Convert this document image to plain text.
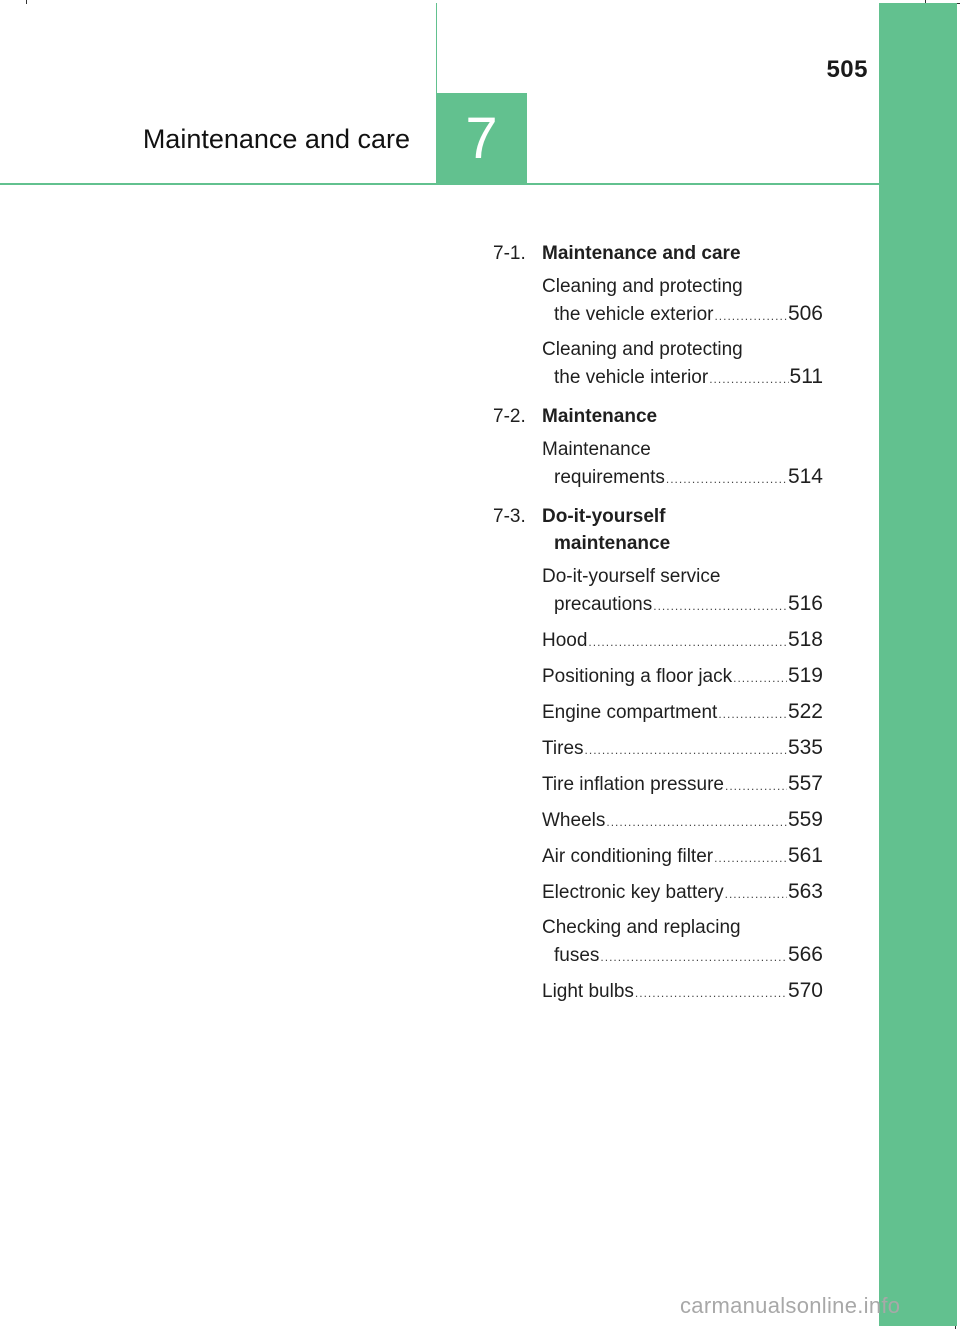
7
505
Maintenance and care
7-1. Maintenance and care
Cleaning and protecting
the vehicle exterior .....	506
Cleaning and protecting
the vehicle interior .....	511
7-2. Maintenance
Maintenance
requirements .....	514
7-3. Do-it-yourself
maintenance
Do-it-yourself service
precautions .....	516
Hood .....	518
Positioning a floor jack .....	519
Engine compartment .....	522
Tires .....	535
Tire inflation pressure .....	557
Wheels .....	559
Air conditioning filter .....	561
Electronic key battery .....	563
Checking and replacing
fuses .....	566
Light bulbs .....	570
carmanualsonline.info
